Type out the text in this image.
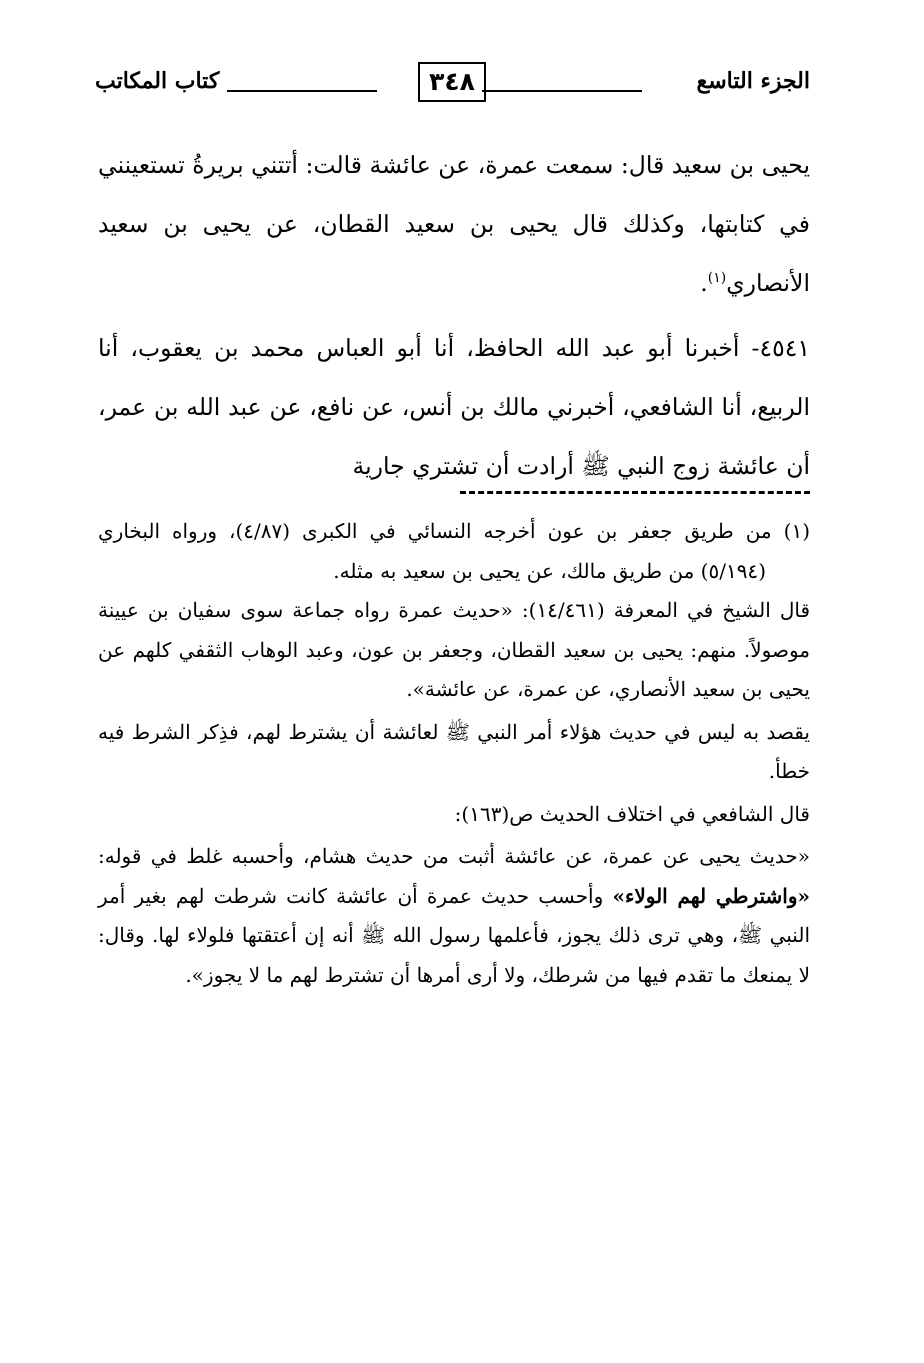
الجزء التاسع
٣٤٨
كتاب المكاتب

يحيى بن سعيد قال: سمعت عمرة، عن عائشة قالت: أتتني بريرةُ تستعينني في كتابتها، وكذلك قال يحيى بن سعيد القطان، عن يحيى بن سعيد الأنصاري$^{(١)}$.

٤٥٤١- أخبرنا أبو عبد الله الحافظ، أنا أبو العباس محمد بن يعقوب، أنا الربيع، أنا الشافعي، أخبرني مالك بن أنس، عن نافع، عن عبد الله بن عمر، أن عائشة زوج النبي ﷺ أرادت أن تشتري جارية

(١) من طريق جعفر بن عون أخرجه النسائي في الكبرى (٤/٨٧)، ورواه البخاري (٥/١٩٤) من طريق مالك، عن يحيى بن سعيد به مثله.

قال الشيخ في المعرفة (١٤/٤٦١): «حديث عمرة رواه جماعة سوى سفيان بن عيينة موصولاً. منهم: يحيى بن سعيد القطان، وجعفر بن عون، وعبد الوهاب الثقفي كلهم عن يحيى بن سعيد الأنصاري، عن عمرة، عن عائشة».

يقصد به ليس في حديث هؤلاء أمر النبي ﷺ لعائشة أن يشترط لهم، فذِكر الشرط فيه خطأ.

قال الشافعي في اختلاف الحديث ص(١٦٣):

«حديث يحيى عن عمرة، عن عائشة أثبت من حديث هشام، وأحسبه غلط في قوله: «واشترطي لهم الولاء» وأحسب حديث عمرة أن عائشة كانت شرطت لهم بغير أمر النبي ﷺ، وهي ترى ذلك يجوز، فأعلمها رسول الله ﷺ أنه إن أعتقتها فلولاء لها. وقال: لا يمنعك ما تقدم فيها من شرطك، ولا أرى أمرها أن تشترط لهم ما لا يجوز».
